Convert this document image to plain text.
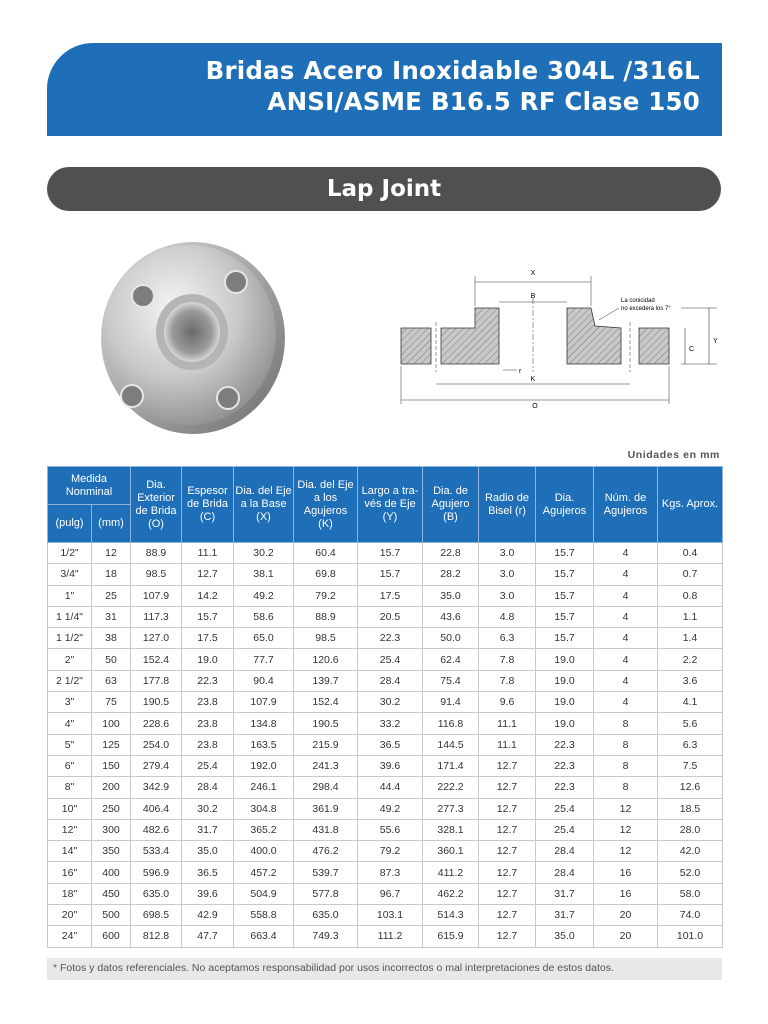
Bridas Acero Inoxidable 304L /316L
ANSI/ASME B16.5 RF Clase 150
Lap Joint
X
B
La conicidad
no excedera los 7°
Y
C
r
K
O
Unidades en mm
Medida Nonminal		Dia. Exterior de Brida (O)	Espesor de Brida (C)	Dia. del Eje a la Base (X)	Dia. del Eje a los Agujeros (K)	Largo a tra-vés de Eje (Y)	Dia. de Agujero (B)	Radio de Bisel (r)	Dia. Agujeros	Núm. de Agujeros	Kgs. Aprox.
(pulg)	(mm)										
1/2"	12	88.9	11.1	30.2	60.4	15.7	22.8	3.0	15.7	4	0.4
3/4"	18	98.5	12.7	38.1	69.8	15.7	28.2	3.0	15.7	4	0.7
1"	25	107.9	14.2	49.2	79.2	17.5	35.0	3.0	15.7	4	0.8
1 1/4"	31	117.3	15.7	58.6	88.9	20.5	43.6	4.8	15.7	4	1.1
1 1/2"	38	127.0	17.5	65.0	98.5	22.3	50.0	6.3	15.7	4	1.4
2"	50	152.4	19.0	77.7	120.6	25.4	62.4	7.8	19.0	4	2.2
2 1/2"	63	177.8	22.3	90.4	139.7	28.4	75.4	7.8	19.0	4	3.6
3"	75	190.5	23.8	107.9	152.4	30.2	91.4	9.6	19.0	4	4.1
4"	100	228.6	23.8	134.8	190.5	33.2	116.8	11.1	19.0	8	5.6
5"	125	254.0	23.8	163.5	215.9	36.5	144.5	11.1	22.3	8	6.3
6"	150	279.4	25.4	192.0	241.3	39.6	171.4	12.7	22.3	8	7.5
8"	200	342.9	28.4	246.1	298.4	44.4	222.2	12.7	22.3	8	12.6
10"	250	406.4	30.2	304.8	361.9	49.2	277.3	12.7	25.4	12	18.5
12"	300	482.6	31.7	365.2	431.8	55.6	328.1	12.7	25.4	12	28.0
14"	350	533.4	35.0	400.0	476.2	79.2	360.1	12.7	28.4	12	42.0
16"	400	596.9	36.5	457.2	539.7	87.3	411.2	12.7	28.4	16	52.0
18"	450	635.0	39.6	504.9	577.8	96.7	462.2	12.7	31.7	16	58.0
20"	500	698.5	42.9	558.8	635.0	103.1	514.3	12.7	31.7	20	74.0
24"	600	812.8	47.7	663.4	749.3	111.2	615.9	12.7	35.0	20	101.0
* Fotos y datos referenciales. No aceptamos responsabilidad por usos incorrectos o mal interpretaciones de estos datos.
